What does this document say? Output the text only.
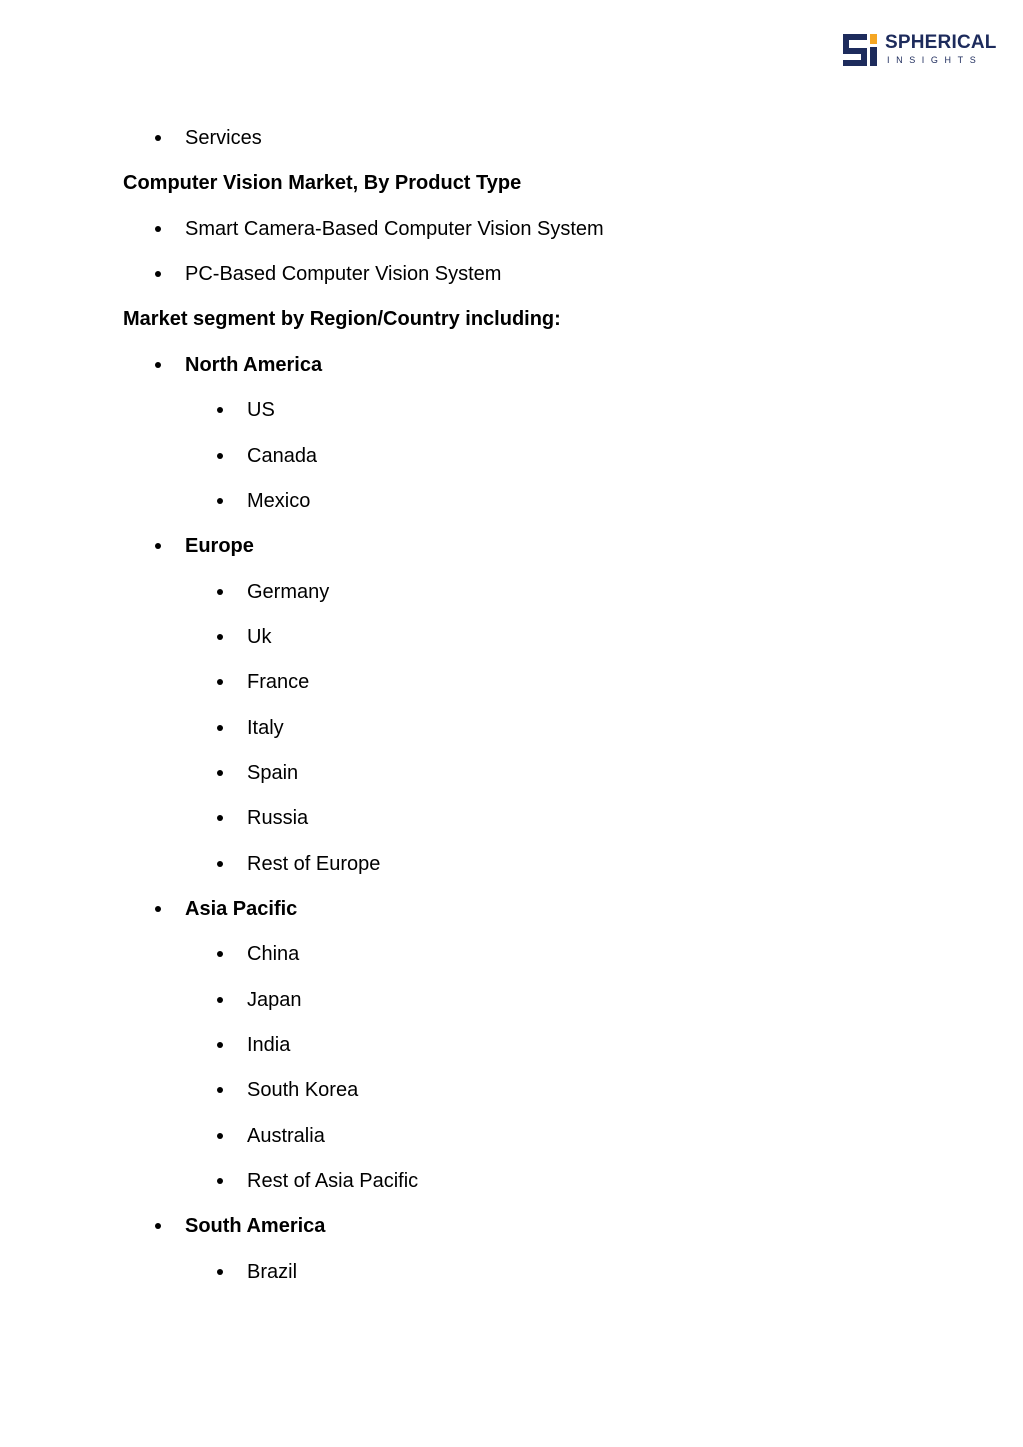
SPHERICAL
INSIGHTS
Services
Computer Vision Market, By Product Type
Smart Camera-Based Computer Vision System
PC-Based Computer Vision System
Market segment by Region/Country including:
North America
US
Canada
Mexico
Europe
Germany
Uk
France
Italy
Spain
Russia
Rest of Europe
Asia Pacific
China
Japan
India
South Korea
Australia
Rest of Asia Pacific
South America
Brazil
